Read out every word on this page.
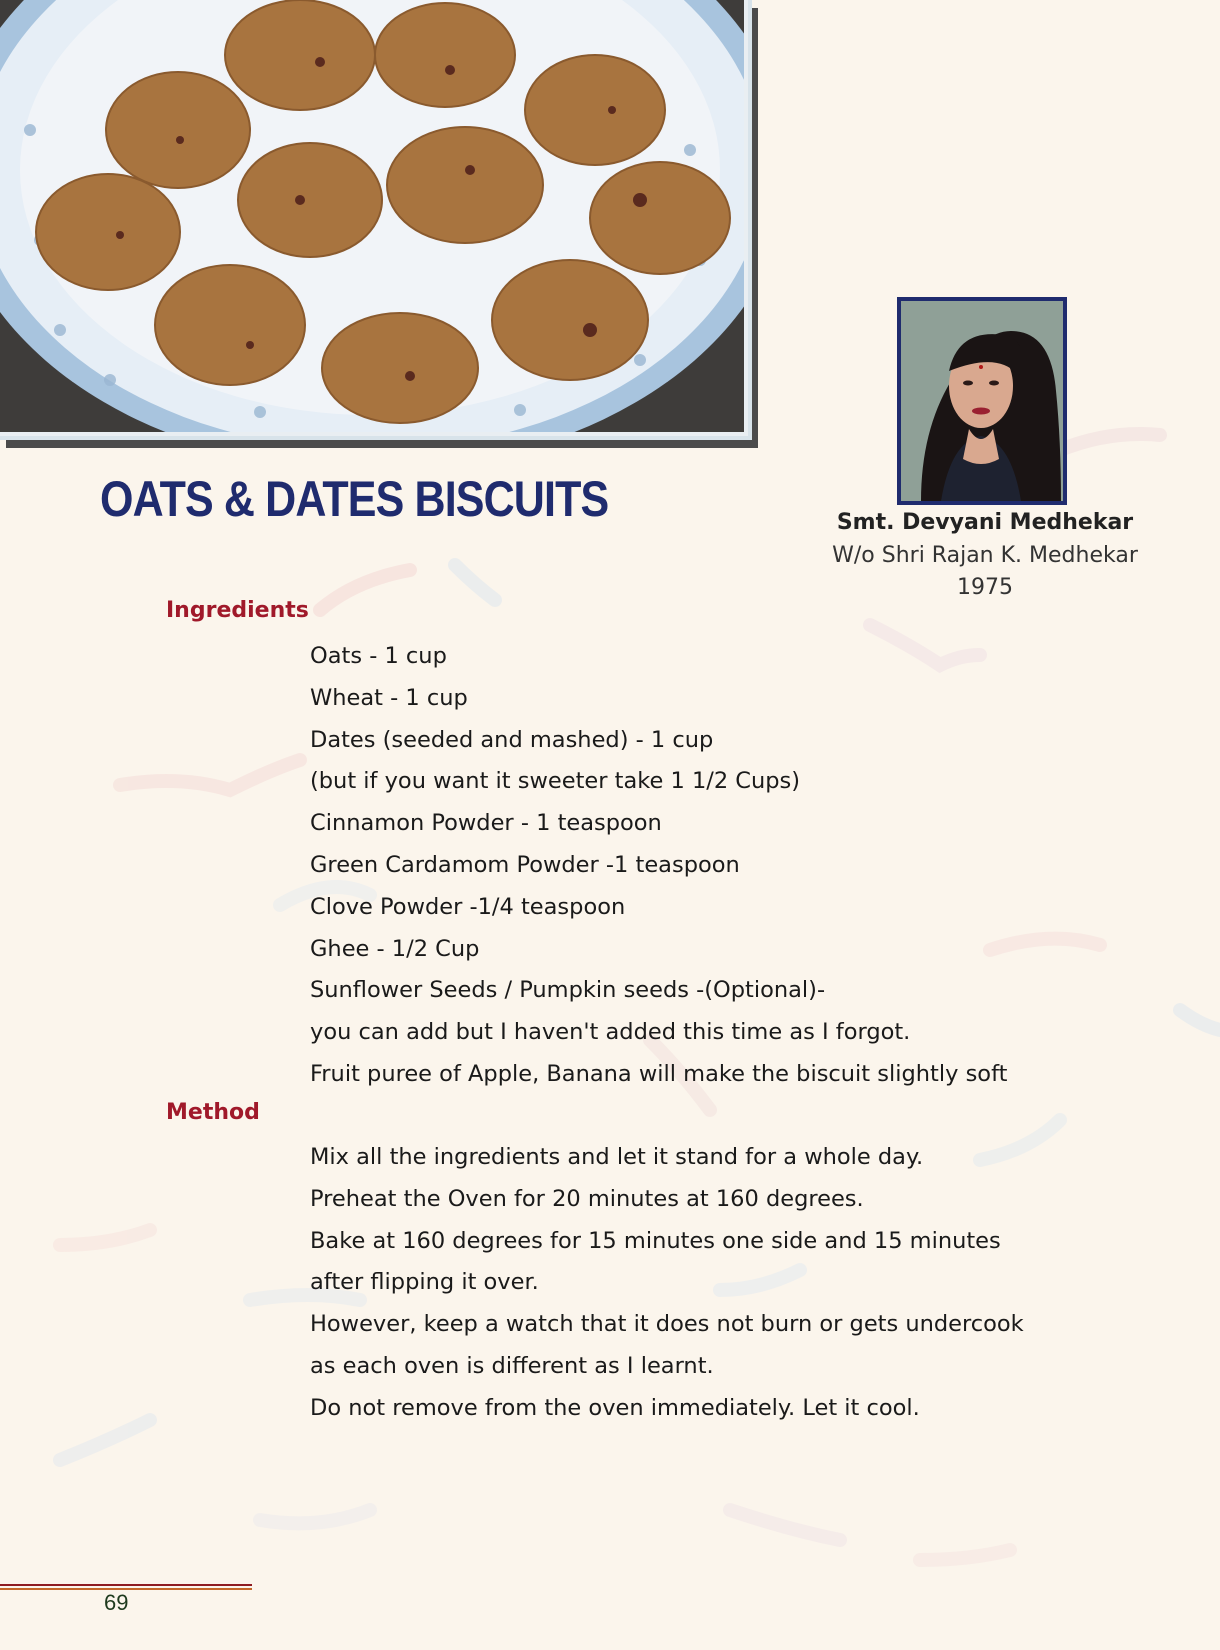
OATS & DATES BISCUITS	Smt. Devyani Medhekar
W/o Shri Rajan K. Medhekar
1975
Ingredients
Oats - 1 cup
Wheat - 1 cup
Dates (seeded and mashed) - 1 cup
(but if you want it sweeter take 1 1/2 Cups)
Cinnamon Powder - 1 teaspoon
Green Cardamom Powder -1 teaspoon
Clove Powder -1/4 teaspoon
Ghee - 1/2 Cup
Sunflower Seeds / Pumpkin seeds -(Optional)-
you can add but I haven't added this time as I forgot.
Fruit puree of Apple, Banana will make the biscuit slightly soft
Method
Mix all the ingredients and let it stand for a whole day.
Preheat the Oven for 20 minutes at 160 degrees.
Bake at 160 degrees for 15 minutes one side and 15 minutes
after flipping it over.
However, keep a watch that it does not burn or gets undercook
as each oven is different as I learnt.
Do not remove from the oven immediately. Let it cool.
69
